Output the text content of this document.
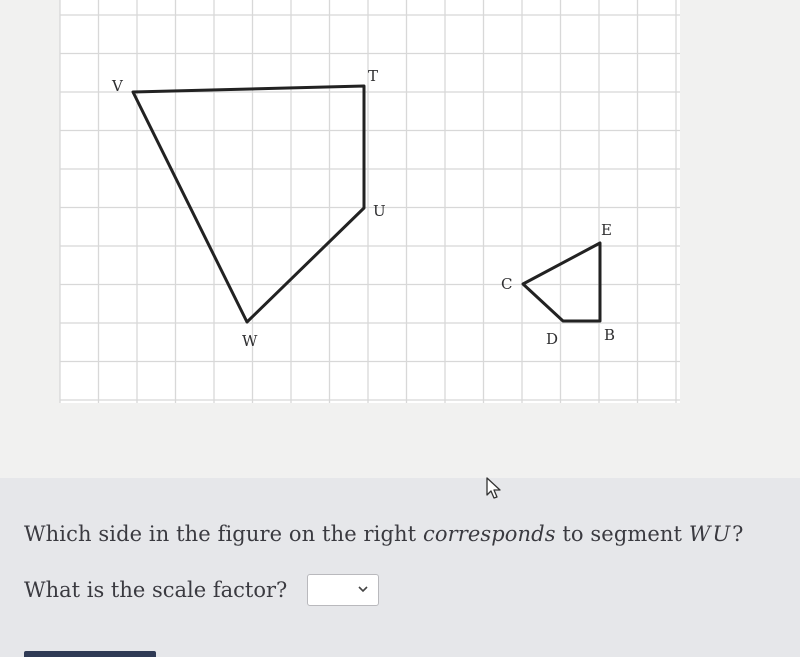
V
T
U
W
E
C
D	B
Which side in the figure on the right corresponds to segment WU?
What is the scale factor?
